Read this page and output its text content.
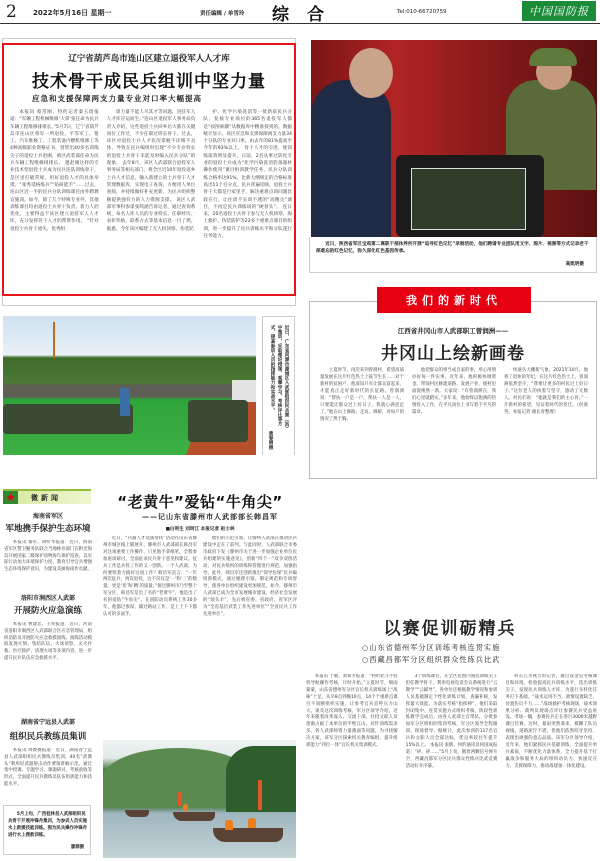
2 2022年5月16日 星期一	责任编辑 / 单雪玲 综合	Tel:010-66720759	中国国防报
辽宁省葫芦岛市连山区建立退役军人人才库
技术骨干成民兵组训中坚力量
应急和支援保障两支力量专业对口率大幅提高

本报讯 蔡常刚、特约记者秦玉琦报道：“军辆工程机械维修‘大拿’张任命为民兵车辆工程维修排排长。”5月7日，辽宁省葫芦岛市连山区将军一所退役，平等军工、钳工、汽车维修工、工程装备内燃机维修工等4种高级职业资格证书，曾带出40多名训练尖子的退役士兵赵刚，被区武装部任命为民兵车辆工程维修排排长。 邀赵刚这样的专业技术型退役士兵成为民兵连队训练骨干，是区里打破常规、用好退役人才的具体举措。“张秀延格练兵”“钻研能手”……过去，连山区近一半的民兵分队训练课目由外聘教官施训。如今，除了几个特殊专业外，其他训练课目均由退役士兵骨干负责。着力人的优化，主要得益于该区建立退役军人人才库，充分发挥骨干人才的帮带作用。 “针对退役士兵骨干流失、优秀组

训力量不能人尽其才等问题，进驻军人人才库应运而生。”连山区退役军人事务局负责人介绍，这些退役士兵回乡后大都在关键岗位工作过，不少任职过班长骨干。过去，该区对退役士兵人才状况掌握不详细不具体，导致在民兵编组时出现“不少专业特长的退役士兵骨干未能及时编入民兵分队”的现象。 去年8月，该区人武部联合退役军人事务局等相关部门，将全区近10年退役返乡士兵人才信息，输入新建立的士兵骨干人才管理数据库，实现电子查询，方便用人单位查阅，并持续做好补充更新，为民兵组织整顿提供强有力的人力资源支撑。 该区人武部军事科参谋张鸣涵告诉记者，通过查询系统，每名人库人员的专业特长、任职经历、表彰奖励、联系方式等基本信息一目了然。据悉，今年该区编建了无人机侦察、伪装防

护、化学污染洗消等一批新质民兵分队，复核专业岗位的365名退役军人都是“按图索骥”从数据库中精准找到的。数据统计显示，该区应急和支援保障两支力量34个分队的专业对口率，由去年的81%提高至今年的93%以上。 骨干人才的引进，使训练质效明显提升。日前，2名从事过防化专业的退役士兵成为“化学污染洗消装备器材操作使用”课目组训教学任务，民兵分队训练合格率达91%，比新大纲规定的合格标准高出11个百分点。民兵普遍反映，退役士兵骨干大都是行家里手，解决重难点训问题比较在行，让往训不实训不透的“高精尖”课目，不再是民兵训练场的“硬骨头”。 连日来，20名退役士兵骨干参与无人机侦察、海上救护、伪装防护等23多个重难点课目的组训，进一步提升了民兵训练水平和分队遂行任务能力。

近日，陕西省军区宝鸡第二离职干部休养所开展“追寻红色记忆”录制活动，他们聘请专业团队用文字、图片、视频等方式记录老干部难忘的红色记忆，弥久深化红色基因传承。

高凯明摄
江西省井冈山市人武部职工曾润洲——
井冈山上绘新画卷

立夏时节，再次来到曾润村，希望高质量发展在这片红色热土上拔节生长……对于新村的贫困户，他深知只有让群众富起来，才能真正走好新时代的长征路。曾润洲说：“帮扶一户是一户，帮扶一人是一人，只要能让群众过上好日子，我就心满意足了。”他在山上修路、走访、调研，对每户的情况了然于胸。

他把群众的事当成自家的事，用心用情办好每一件实事。近年来，他积极协调资金，带领村民修建道路、发展产业，使村里面貌焕然一新。大家说：“有曾润洲在，我们心里就踏实。”多年来，他始终以饱满的热情投入工作，在平凡岗位上书写着不平凡的篇章。

快速丛大棚新气象。2021年10月，他将了退休的年纪，在这片红色热土上，曾润洲依然坚守，“我要让更多的村民过上好日子。”这位老人的执着与坚守，感动了无数人。村民们说：“他就是我们的主心骨。”一片新村的希望，见证着时代的变迁。（何欲英、本报记者 谢长青整理）

我们的新时代

近日，广东省河源市源城区人武部组织民兵营（站）中集训，采取理论授课、观摩学习、考核评比等方式，提高参训人员的指挥能力和实战水平。

黄春丽摄
★	微新闻
海南省军区
军地携手保护生态环境

本报讯 秦军、胡昕华报道：近日，海南省军区警卫勤务队联合当地林业部门在附近海岛开展国家二级保护动物海鸟保护巡查，以实际行动加大环境保护力度，教育引导官兵增强生态环境保护意识，为建设美丽海南作贡献。

洛阳市涧西区人武部
开展防火应急演练

本报讯 曹建忠、王铁报道：近日，河南省洛阳市涧西区人武部联合区应急管理局，组织消防员开展防火应急救援演练。演练活动模拟发现火情、集结队伍、火场侦察、灭火扑救、医疗救护、清理火场等多项内容，进一步提升民兵队伍应急救援水平。

湖南省宁远县人武部
组织民兵教练员集训

本报讯 周俊摄报道：近日，湖南省宁远县人武部组织民兵教练员集训，40名“武教头”利用轻武器射击动作要领讲解示范、通过集中授课、专题学习、课题研讨、考核验收等形式，全面提升民兵教练员队伍组训能力和技能水平。

5月上旬，广西桂林县人武部组织民兵骨干开展冲锋舟集训，为参训人员实施水上救援技能训练。图为民兵操作冲锋舟进行水上搜救训练。

廖源摄
“老黄牛”爱钻“牛角尖”
——记山东省滕州市人武部部长韩昌军
■白利生 刘珂江 本报记者 赵士林

近日，“兵器人才选拔帮扶”活动在山东省滕州市城区线上铺展开。滕州市人武部部长韩昌军对这项重要工作操作，只见他手拿纸笔，全程参加座谈研讨，全面征求民兵骨干意见和建议。征兵工作是兵役工作的又一创新。一个人武部，为何要铁着力搞好这项工作？韩昌军直言：“一年两次征兵，两次退役，这不仅仅是‘一’和‘三’的数量，更是‘优’和‘精’的质量。”接过滕州市乃至整个军分区，韩昌军是出了名的“老黄牛”，他是出了名的爱钻“牛角尖”。在国防动员系统工作30多年，他都过参谋、辅过路站工作，是上上下下都认可的多面手。

他们的示范引领，让滕州人武部在推动民兵建设中走在了前列。与此同时，人武部联合市委市政府下发《滕州市关于进一步加强企业单位民兵组建的实施意见》，创新“四个一”双争双创活动，对民兵组织的训练和管理进行规范，加强指导。此外，韩昌军还创新推出“领导包保”民兵编组新模式，通过梳理引领、制定规范和专项督导，使各单位组织建设更加规范。如今，滕州市人武部已成为全市发展城市建设、经济社会发展的“领头羊”，先后被省委、省政府、省军区评为“全省基层武装工作先进单位”“全省民兵工作先进单位”。

以赛促训砺精兵
○山东省德州军分区训练考核连贯实施
○西藏昌都军分区组织群众性练兵比武

本报讯 于敏、刘知才报道：“利用北斗手持机导航操作考核，计时开始。”立夏时节，细雨蒙蒙，山东省德州军分区官长机关训练场上“战味”十足。从早8点到晚10点，14个个重难点课目不间断组织实施，让参考官兵直呼压力山大。谈及这次训练考核，军分区领导介绍，近年来随着改革深入，交流干部、社招文职人员逐渐占据了本单位的半壁江山。对针训练需求多、各人武部师资力量薄弱等问题，为寻找解决方案，该军分区探索机关教育编组，提升组训能力“四位一体”官长机关集训模式。

3个训练课目，在全区范围内遴选训练尖子担任教学骨干，利用电视电话会议系统进行“云教学”“云辅导”。各单位还根据教学情况和参训人员基础制定个性化训练计划，查漏补缺，发挥最大效能。为落实考核“指挥棒”，他们采取封闭集中、连贯实施方式组织考核，阶段性训练教学完成后，由各人武部主官带队，分批参加军分区组织的集训考核，军分区领导全程跟训、现场督导。据统计，此次参训的117名官兵和文职人员全部达标，优良率较往年提升15%以上。 本报讯 张帆、何约通讯员何国成报道：“砰、砰……”5月上旬，随着两颗信号弹升空，西藏昌都军分区民兵群众性练兵比武竞赛活动拉开序幕。

科长江水燕告诉记者，通过设金皇考核课目和环境，检验提高民兵训练水平，选出训练尖子，发现民兵训练人才库，为遂行多样化任务打下基础。“战术运用不当，敌情设置缺乏，处置伤员不力……”战场救护考核现场，战术效果分析、裁判员现场点评让参赛民兵受益匪浅。考场一隅，参赛民兵正在进行3000米越野课目比赛。这时，暴雨突然袭来，模糊了队员视线，道路泥泞不堪，但他们依然咬牙坚持，表现出顽强的意志品质。该军分区领导介绍，近年来，他们紧抓民兵基础训练，全面提升单兵素质，不断优化力量体系，全力提升基于打赢战争和服务大局的组织动员力、快速反应力、支援保障力，推动战建备一体化建设。
